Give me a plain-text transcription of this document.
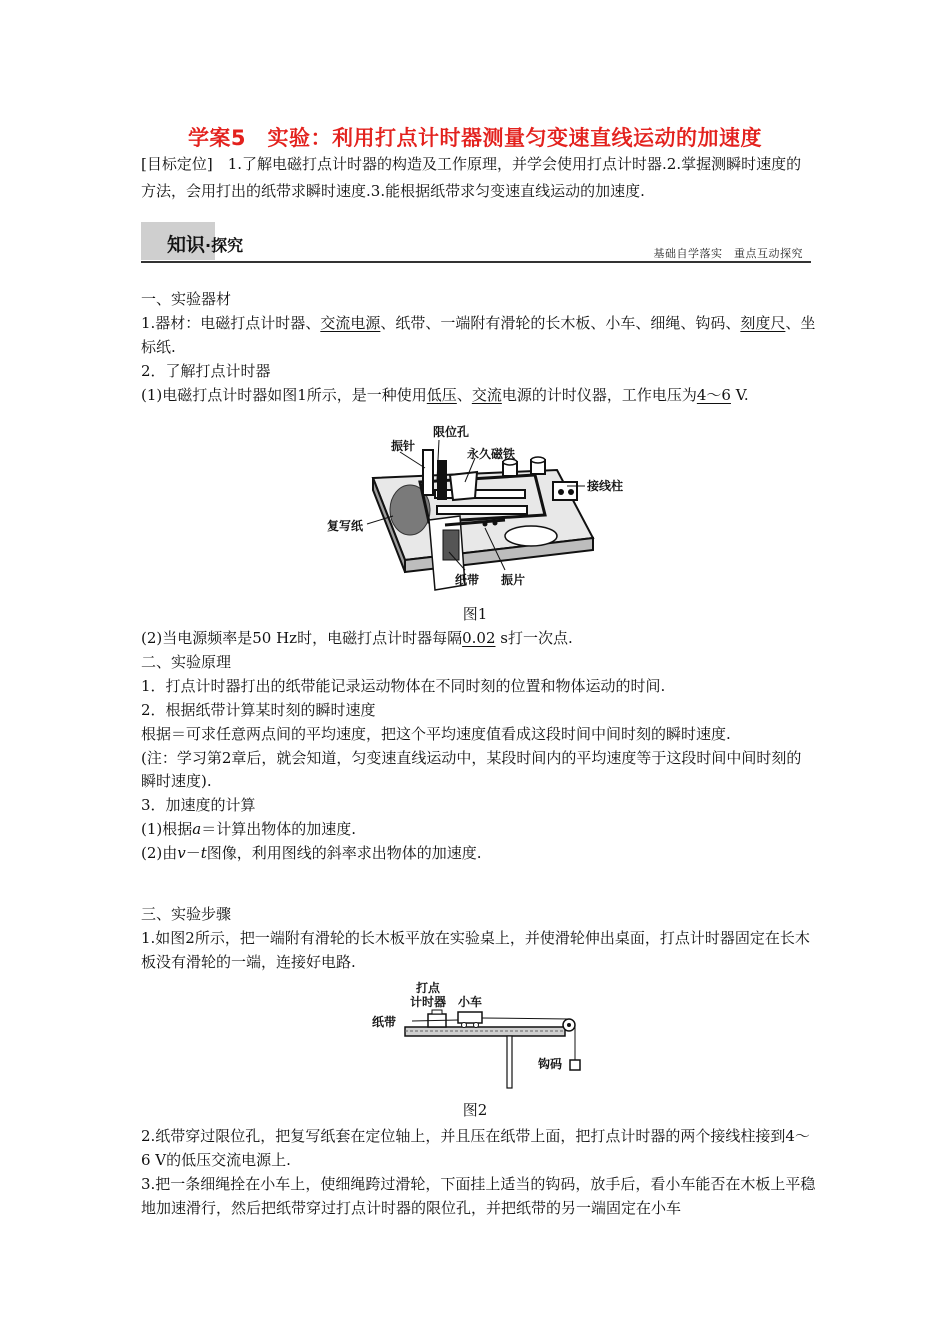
学案5　实验：利用打点计时器测量匀变速直线运动的加速度
[目标定位]　1.了解电磁打点计时器的构造及工作原理，并学会使用打点计时器.2.掌握测瞬时速度的方法，会用打出的纸带求瞬时速度.3.能根据纸带求匀变速直线运动的加速度.
知识·探究	基础自学落实　重点互动探究

一、实验器材

1.器材：电磁打点计时器、交流电源、纸带、一端附有滑轮的长木板、小车、细绳、钩码、刻度尺、坐标纸.

2．了解打点计时器

(1)电磁打点计时器如图1所示，是一种使用低压、交流电源的计时仪器，工作电压为4～6 V.

振针
限位孔
永久磁铁
接线柱
复写纸
纸带 振片
图1

(2)当电源频率是50 Hz时，电磁打点计时器每隔0.02 s打一次点.

二、实验原理

1．打点计时器打出的纸带能记录运动物体在不同时刻的位置和物体运动的时间.

2．根据纸带计算某时刻的瞬时速度

根据＝可求任意两点间的平均速度，把这个平均速度值看成这段时间中间时刻的瞬时速度.

(注：学习第2章后，就会知道，匀变速直线运动中，某段时间内的平均速度等于这段时间中间时刻的瞬时速度).

3．加速度的计算

(1)根据a＝计算出物体的加速度.

(2)由v－t图像，利用图线的斜率求出物体的加速度.

三、实验步骤

1.如图2所示，把一端附有滑轮的长木板平放在实验桌上，并使滑轮伸出桌面，打点计时器固定在长木板没有滑轮的一端，连接好电路.

打点
计时器 小车
纸带
钩码
图2

2.纸带穿过限位孔，把复写纸套在定位轴上，并且压在纸带上面，把打点计时器的两个接线柱接到4～6 V的低压交流电源上.

3.把一条细绳拴在小车上，使细绳跨过滑轮，下面挂上适当的钩码，放手后，看小车能否在木板上平稳地加速滑行，然后把纸带穿过打点计时器的限位孔，并把纸带的另一端固定在小车
